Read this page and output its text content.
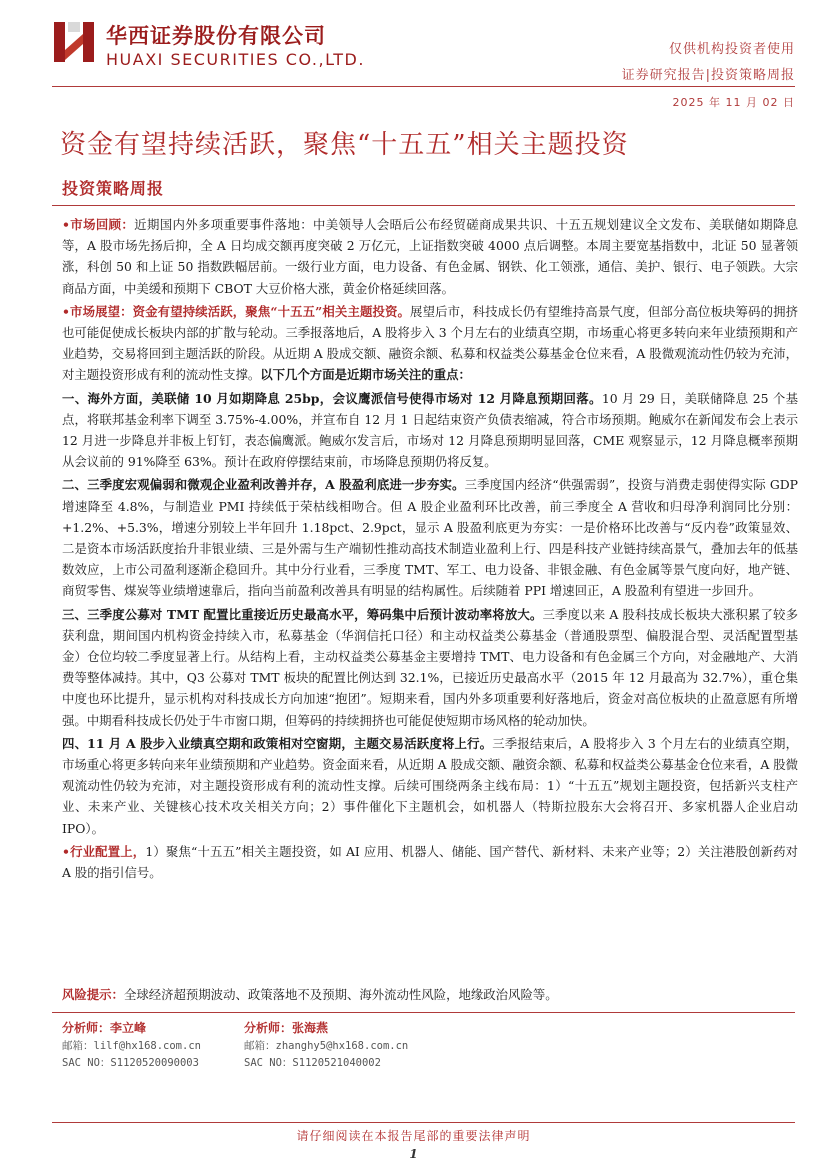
华西证券股份有限公司
HUAXI SECURITIES CO.,LTD.
仅供机构投资者使用
证券研究报告|投资策略周报
2025 年 11 月 02 日
资金有望持续活跃，聚焦“十五五”相关主题投资
投资策略周报

•市场回顾：近期国内外多项重要事件落地：中美领导人会晤后公布经贸磋商成果共识、十五五规划建议全文发布、美联储如期降息等，A 股市场先扬后抑，全 A 日均成交额再度突破 2 万亿元，上证指数突破 4000 点后调整。本周主要宽基指数中，北证 50 显著领涨，科创 50 和上证 50 指数跌幅居前。一级行业方面，电力设备、有色金属、钢铁、化工领涨，通信、美护、银行、电子领跌。大宗商品方面，中美缓和预期下 CBOT 大豆价格大涨，黄金价格延续回落。

•市场展望：资金有望持续活跃，聚焦“十五五”相关主题投资。展望后市，科技成长仍有望维持高景气度，但部分高位板块筹码的拥挤也可能促使成长板块内部的扩散与轮动。三季报落地后，A 股将步入 3 个月左右的业绩真空期，市场重心将更多转向来年业绩预期和产业趋势，交易将回到主题活跃的阶段。从近期 A 股成交额、融资余额、私募和权益类公募基金仓位来看，A 股微观流动性仍较为充沛，对主题投资形成有利的流动性支撑。以下几个方面是近期市场关注的重点：

一、海外方面，美联储 10 月如期降息 25bp，会议鹰派信号使得市场对 12 月降息预期回落。10 月 29 日，美联储降息 25 个基点，将联邦基金利率下调至 3.75%-4.00%，并宣布自 12 月 1 日起结束资产负债表缩减，符合市场预期。鲍威尔在新闻发布会上表示 12 月进一步降息并非板上钉钉，表态偏鹰派。鲍威尔发言后，市场对 12 月降息预期明显回落，CME 观察显示，12 月降息概率预期从会议前的 91%降至 63%。预计在政府停摆结束前，市场降息预期仍将反复。

二、三季度宏观偏弱和微观企业盈利改善并存，A 股盈利底进一步夯实。三季度国内经济“供强需弱”，投资与消费走弱使得实际 GDP 增速降至 4.8%，与制造业 PMI 持续低于荣枯线相吻合。但 A 股企业盈利环比改善，前三季度全 A 营收和归母净利润同比分别：+1.2%、+5.3%，增速分别较上半年回升 1.18pct、2.9pct，显示 A 股盈利底更为夯实：一是价格环比改善与“反内卷”政策显效、二是资本市场活跃度抬升非银业绩、三是外需与生产端韧性推动高技术制造业盈利上行、四是科技产业链持续高景气，叠加去年的低基数效应，上市公司盈利逐渐企稳回升。其中分行业看，三季度 TMT、军工、电力设备、非银金融、有色金属等景气度向好，地产链、商贸零售、煤炭等业绩增速靠后，指向当前盈利改善具有明显的结构属性。后续随着 PPI 增速回正，A 股盈利有望进一步回升。

三、三季度公募对 TMT 配置比重接近历史最高水平，筹码集中后预计波动率将放大。三季度以来 A 股科技成长板块大涨积累了较多获利盘，期间国内机构资金持续入市，私募基金（华润信托口径）和主动权益类公募基金（普通股票型、偏股混合型、灵活配置型基金）仓位均较二季度显著上行。从结构上看，主动权益类公募基金主要增持 TMT、电力设备和有色金属三个方向，对金融地产、大消费等整体减持。其中，Q3 公募对 TMT 板块的配置比例达到 32.1%，已接近历史最高水平（2015 年 12 月最高为 32.7%），重仓集中度也环比提升，显示机构对科技成长方向加速“抱团”。短期来看，国内外多项重要利好落地后，资金对高位板块的止盈意愿有所增强。中期看科技成长仍处于牛市窗口期，但筹码的持续拥挤也可能促使短期市场风格的轮动加快。

四、11 月 A 股步入业绩真空期和政策相对空窗期，主题交易活跃度将上行。三季报结束后，A 股将步入 3 个月左右的业绩真空期，市场重心将更多转向来年业绩预期和产业趋势。资金面来看，从近期 A 股成交额、融资余额、私募和权益类公募基金仓位来看，A 股微观流动性仍较为充沛，对主题投资形成有利的流动性支撑。后续可围绕两条主线布局：1）“十五五”规划主题投资，包括新兴支柱产业、未来产业、关键核心技术攻关相关方向；2）事件催化下主题机会，如机器人（特斯拉股东大会将召开、多家机器人企业启动 IPO）。

•行业配置上，1）聚焦“十五五”相关主题投资，如 AI 应用、机器人、储能、国产替代、新材料、未来产业等；2）关注港股创新药对 A 股的指引信号。

风险提示：全球经济超预期波动、政策落地不及预期、海外流动性风险，地缘政治风险等。
分析师：李立峰
邮箱：lilf@hx168.com.cn
SAC NO：S1120520090003
分析师：张海燕
邮箱：zhanghy5@hx168.com.cn
SAC NO：S1120521040002
请仔细阅读在本报告尾部的重要法律声明
1
